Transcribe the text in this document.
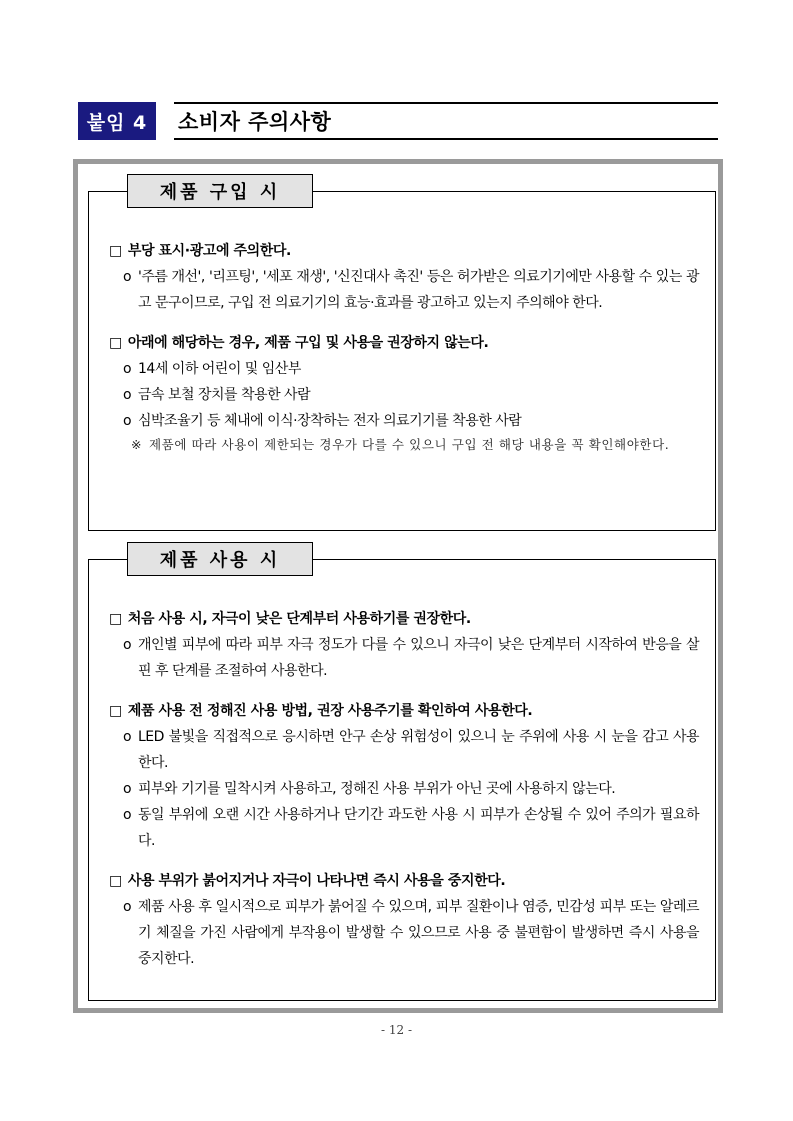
붙임 4	소비자 주의사항
제품 구입 시
□ 부당 표시·광고에 주의한다.
o '주름 개선', '리프팅', '세포 재생', '신진대사 촉진' 등은 허가받은 의료기기에만 사용할 수 있는 광고 문구이므로, 구입 전 의료기기의 효능·효과를 광고하고 있는지 주의해야 한다.
□ 아래에 해당하는 경우, 제품 구입 및 사용을 권장하지 않는다.
o 14세 이하 어린이 및 임산부
o 금속 보철 장치를 착용한 사람
o 심박조율기 등 체내에 이식·장착하는 전자 의료기기를 착용한 사람
※ 제품에 따라 사용이 제한되는 경우가 다를 수 있으니 구입 전 해당 내용을 꼭 확인해야한다.
제품 사용 시
□ 처음 사용 시, 자극이 낮은 단계부터 사용하기를 권장한다.
o 개인별 피부에 따라 피부 자극 정도가 다를 수 있으니 자극이 낮은 단계부터 시작하여 반응을 살핀 후 단계를 조절하여 사용한다.
□ 제품 사용 전 정해진 사용 방법, 권장 사용주기를 확인하여 사용한다.
o LED 불빛을 직접적으로 응시하면 안구 손상 위험성이 있으니 눈 주위에 사용 시 눈을 감고 사용한다.
o 피부와 기기를 밀착시켜 사용하고, 정해진 사용 부위가 아닌 곳에 사용하지 않는다.
o 동일 부위에 오랜 시간 사용하거나 단기간 과도한 사용 시 피부가 손상될 수 있어 주의가 필요하다.
□ 사용 부위가 붉어지거나 자극이 나타나면 즉시 사용을 중지한다.
o 제품 사용 후 일시적으로 피부가 붉어질 수 있으며, 피부 질환이나 염증, 민감성 피부 또는 알레르기 체질을 가진 사람에게 부작용이 발생할 수 있으므로 사용 중 불편함이 발생하면 즉시 사용을 중지한다.
- 12 -
